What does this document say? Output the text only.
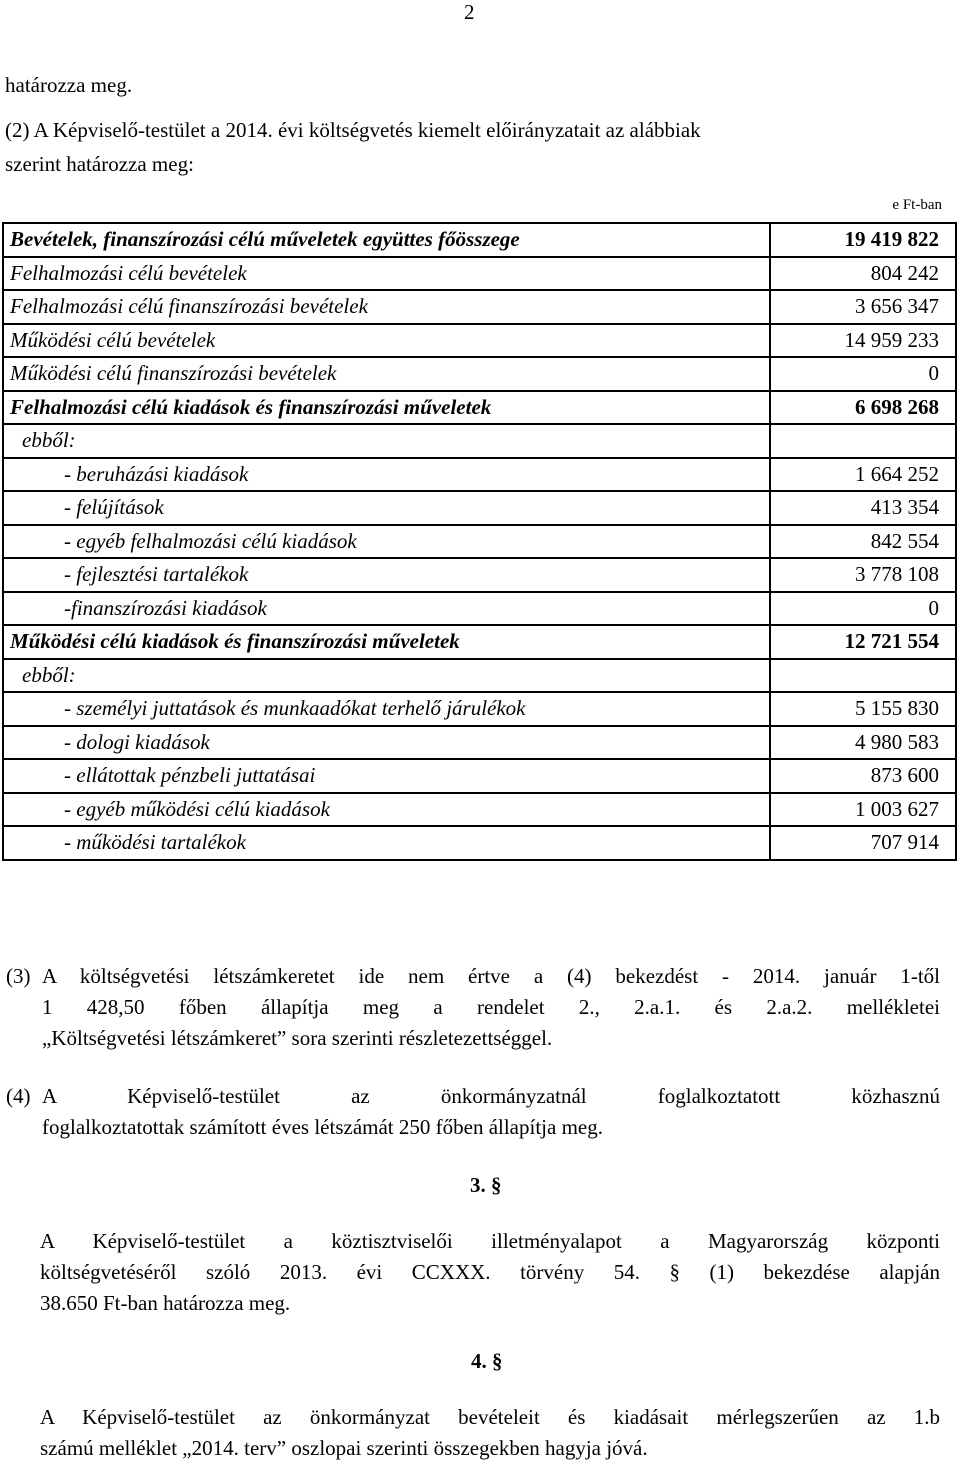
2
határozza meg.
(2) A Képviselő-testület a 2014. évi költségvetés kiemelt előirányzatait az alábbiak
szerint határozza meg:
e Ft-ban
Bevételek, finanszírozási célú műveletek együttes főösszege	19 419 822
Felhalmozási célú bevételek	804 242
Felhalmozási célú finanszírozási bevételek	3 656 347
Működési célú bevételek	14 959 233
Működési célú finanszírozási bevételek	0
Felhalmozási célú kiadások és finanszírozási műveletek	6 698 268
ebből:	
- beruházási kiadások	1 664 252
- felújítások	413 354
- egyéb felhalmozási célú kiadások	842 554
- fejlesztési tartalékok	3 778 108
-finanszírozási kiadások	0
Működési célú kiadások és finanszírozási műveletek	12 721 554
ebből:	
- személyi juttatások és munkaadókat terhelő járulékok	5 155 830
- dologi kiadások	4 980 583
- ellátottak pénzbeli juttatásai	873 600
- egyéb működési célú kiadások	1 003 627
- működési tartalékok	707 914
(3) A költségvetési létszámkeretet ide nem értve a (4) bekezdést - 2014. január 1-től
1 428,50 főben állapítja meg a rendelet 2., 2.a.1. és 2.a.2. mellékletei
„Költségvetési létszámkeret” sora szerinti részletezettséggel.
(4) A Képviselő-testület az önkormányzatnál foglalkoztatott közhasznú
foglalkoztatottak számított éves létszámát 250 főben állapítja meg.
3. §
A Képviselő-testület a köztisztviselői illetményalapot a Magyarország központi
költségvetéséről szóló 2013. évi CCXXX. törvény 54. § (1) bekezdése alapján
38.650 Ft-ban határozza meg.
4. §
A Képviselő-testület az önkormányzat bevételeit és kiadásait mérlegszerűen az 1.b
számú melléklet „2014. terv” oszlopai szerinti összegekben hagyja jóvá.
